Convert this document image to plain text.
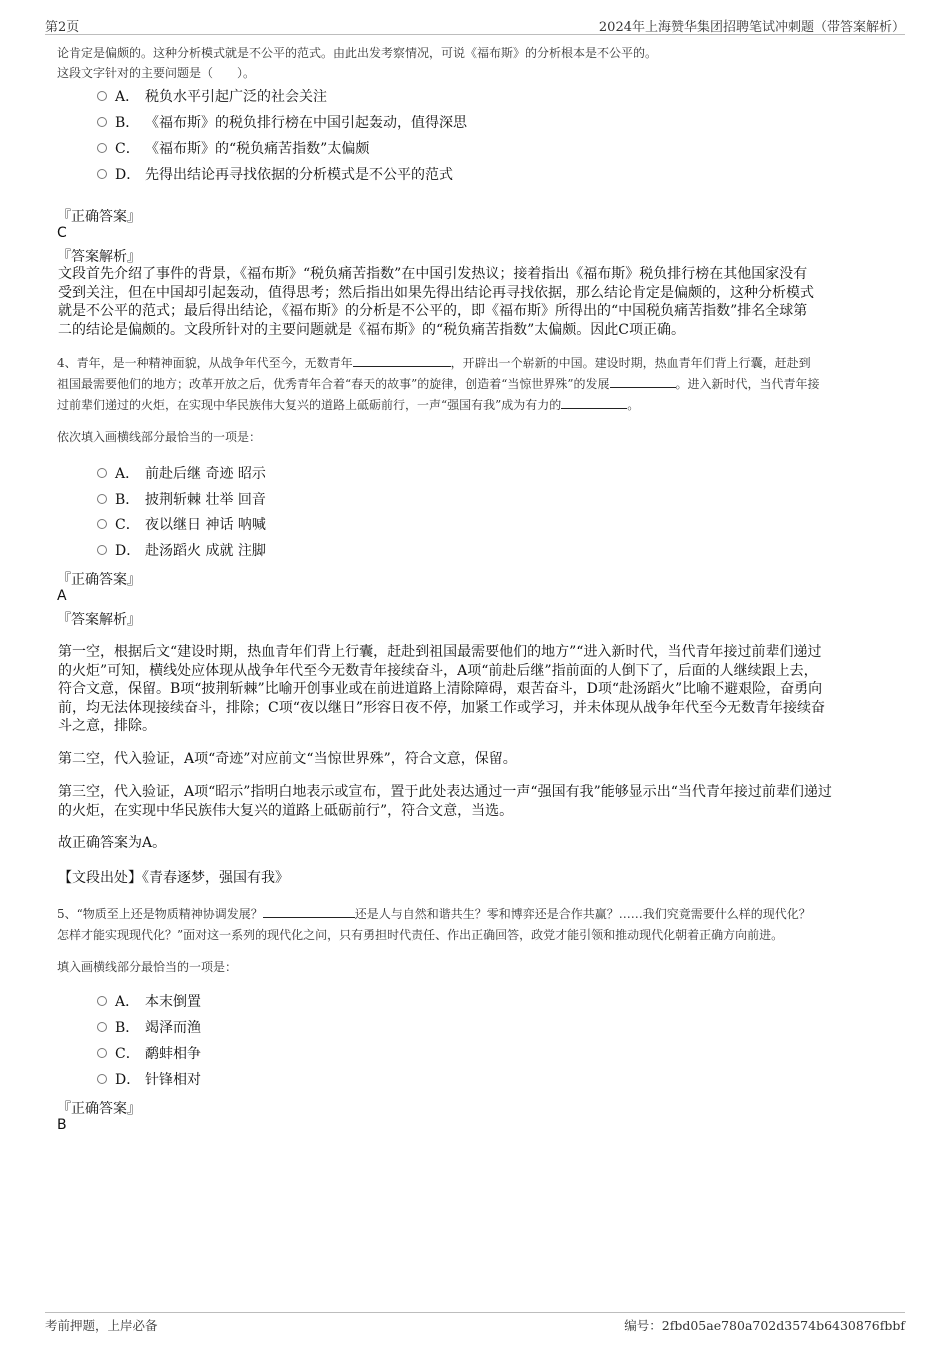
第2页	2024年上海赞华集团招聘笔试冲刺题（带答案解析）
论肯定是偏颇的。这种分析模式就是不公平的范式。由此出发考察情况，可说《福布斯》的分析根本是不公平的。
这段文字针对的主要问题是（　　）。
A． 税负水平引起广泛的社会关注
B． 《福布斯》的税负排行榜在中国引起轰动，值得深思
C． 《福布斯》的“税负痛苦指数”太偏颇
D． 先得出结论再寻找依据的分析模式是不公平的范式
『正确答案』
C
『答案解析』
文段首先介绍了事件的背景，《福布斯》“税负痛苦指数”在中国引发热议；接着指出《福布斯》税负排行榜在其他国家没有
受到关注，但在中国却引起轰动，值得思考；然后指出如果先得出结论再寻找依据，那么结论肯定是偏颇的，这种分析模式
就是不公平的范式；最后得出结论，《福布斯》的分析是不公平的，即《福布斯》所得出的“中国税负痛苦指数”排名全球第
二的结论是偏颇的。文段所针对的主要问题就是《福布斯》的“税负痛苦指数”太偏颇。因此C项正确。
4、青年，是一种精神面貌，从战争年代至今，无数青年	，开辟出一个崭新的中国。建设时期，热血青年们背上行囊，赶赴到
祖国最需要他们的地方；改革开放之后，优秀青年合着“春天的故事”的旋律，创造着“当惊世界殊”的发展	。进入新时代，当代青年接
过前辈们递过的火炬，在实现中华民族伟大复兴的道路上砥砺前行，一声“强国有我”成为有力的	。
依次填入画横线部分最恰当的一项是：
A． 前赴后继 奇迹 昭示
B． 披荆斩棘 壮举 回音
C． 夜以继日 神话 呐喊
D． 赴汤蹈火 成就 注脚
『正确答案』
A
『答案解析』
第一空，根据后文“建设时期，热血青年们背上行囊，赶赴到祖国最需要他们的地方”“进入新时代，当代青年接过前辈们递过
的火炬”可知，横线处应体现从战争年代至今无数青年接续奋斗，A项“前赴后继”指前面的人倒下了，后面的人继续跟上去，
符合文意，保留。B项“披荆斩棘”比喻开创事业或在前进道路上清除障碍，艰苦奋斗，D项“赴汤蹈火”比喻不避艰险，奋勇向
前，均无法体现接续奋斗，排除；C项“夜以继日”形容日夜不停，加紧工作或学习，并未体现从战争年代至今无数青年接续奋
斗之意，排除。
第二空，代入验证，A项“奇迹”对应前文“当惊世界殊”，符合文意，保留。
第三空，代入验证，A项“昭示”指明白地表示或宣布，置于此处表达通过一声“强国有我”能够显示出“当代青年接过前辈们递过
的火炬，在实现中华民族伟大复兴的道路上砥砺前行”，符合文意，当选。
故正确答案为A。
【文段出处】《青春逐梦，强国有我》
5、“物质至上还是物质精神协调发展？	还是人与自然和谐共生？零和博弈还是合作共赢？……我们究竟需要什么样的现代化？
怎样才能实现现代化？”面对这一系列的现代化之问，只有勇担时代责任、作出正确回答，政党才能引领和推动现代化朝着正确方向前进。
填入画横线部分最恰当的一项是：
A． 本末倒置
B． 竭泽而渔
C． 鹬蚌相争
D． 针锋相对
『正确答案』
B
考前押题，上岸必备	编号：2fbd05ae780a702d3574b6430876fbbf
